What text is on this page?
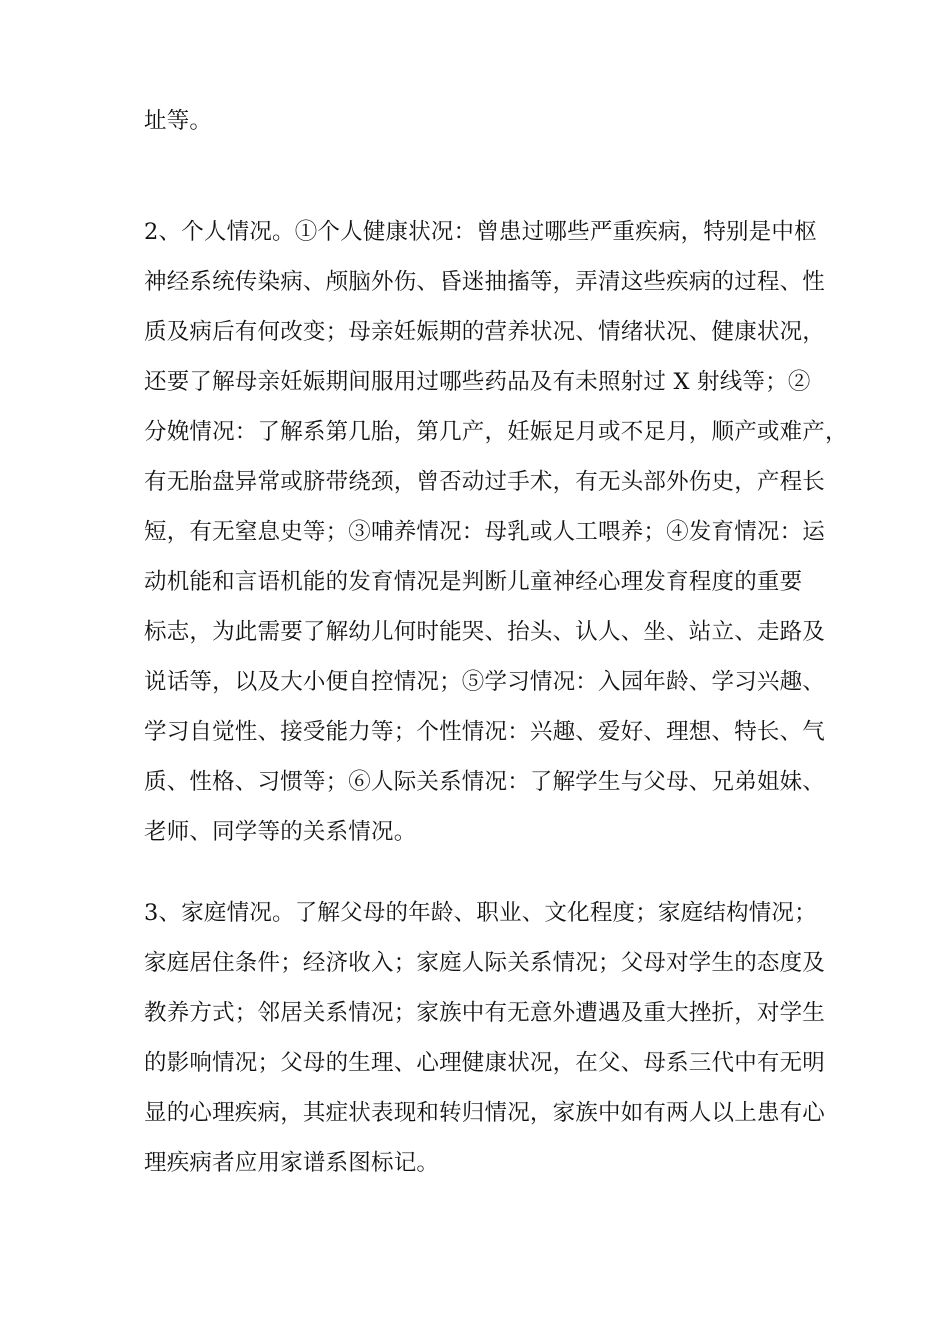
址等。
2、个人情况。①个人健康状况：曾患过哪些严重疾病，特别是中枢
神经系统传染病、颅脑外伤、昏迷抽搐等，弄清这些疾病的过程、性
质及病后有何改变；母亲妊娠期的营养状况、情绪状况、健康状况，
还要了解母亲妊娠期间服用过哪些药品及有未照射过 X 射线等；②
分娩情况：了解系第几胎，第几产，妊娠足月或不足月，顺产或难产，
有无胎盘异常或脐带绕颈，曾否动过手术，有无头部外伤史，产程长
短，有无窒息史等；③哺养情况：母乳或人工喂养；④发育情况：运
动机能和言语机能的发育情况是判断儿童神经心理发育程度的重要
标志，为此需要了解幼儿何时能哭、抬头、认人、坐、站立、走路及
说话等，以及大小便自控情况；⑤学习情况：入园年龄、学习兴趣、
学习自觉性、接受能力等；个性情况：兴趣、爱好、理想、特长、气
质、性格、习惯等；⑥人际关系情况：了解学生与父母、兄弟姐妹、
老师、同学等的关系情况。
3、家庭情况。了解父母的年龄、职业、文化程度；家庭结构情况；
家庭居住条件；经济收入；家庭人际关系情况；父母对学生的态度及
教养方式；邻居关系情况；家族中有无意外遭遇及重大挫折，对学生
的影响情况；父母的生理、心理健康状况，在父、母系三代中有无明
显的心理疾病，其症状表现和转归情况，家族中如有两人以上患有心
理疾病者应用家谱系图标记。
